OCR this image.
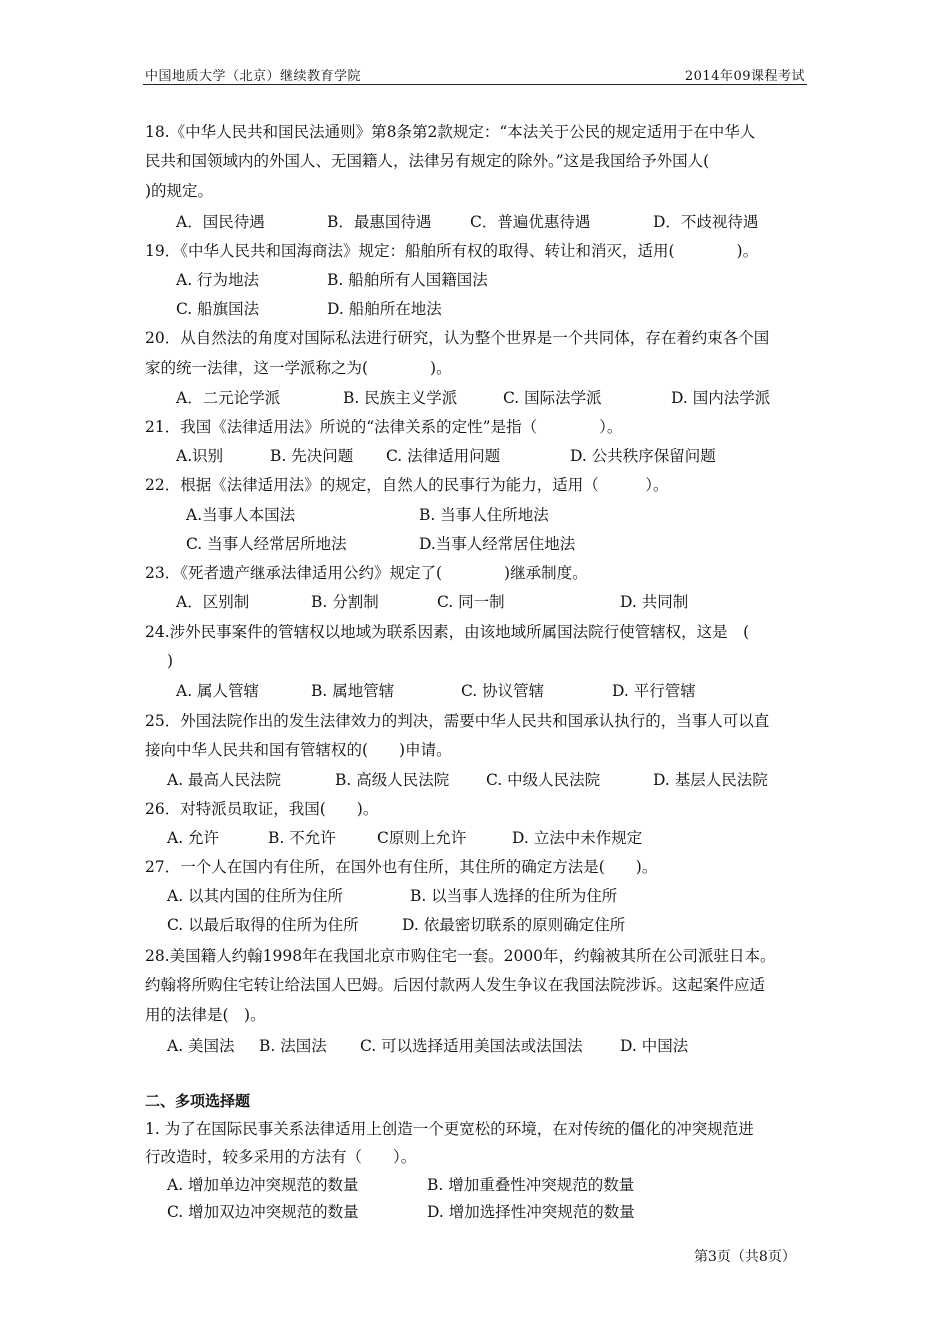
中国地质大学（北京）继续教育学院	2014年09课程考试
18.《中华人民共和国民法通则》第8条第2款规定：“本法关于公民的规定适用于在中华人
民共和国领域内的外国人、无国籍人，法律另有规定的除外。”这是我国给予外国人(
)的规定。
A．国民待遇	B．最惠国待遇 C．普遍优惠待遇	D．不歧视待遇
19．《中华人民共和国海商法》规定：船舶所有权的取得、转让和消灭，适用(　　　　)。
A. 行为地法	B. 船舶所有人国籍国法
C. 船旗国法	D. 船舶所在地法
20．从自然法的角度对国际私法进行研究，认为整个世界是一个共同体，存在着约束各个国
家的统一法律，这一学派称之为(　　　　)。
A．二元论学派	B. 民族主义学派	C. 国际法学派	D. 国内法学派
21．我国《法律适用法》所说的“法律关系的定性”是指（　　　　）。
A.识别	B. 先决问题 C. 法律适用问题	D. 公共秩序保留问题
22．根据《法律适用法》的规定，自然人的民事行为能力，适用（　　　）。
A.当事人本国法	B. 当事人住所地法
C. 当事人经常居所地法	D.当事人经常居住地法
23．《死者遗产继承法律适用公约》规定了(　　　　)继承制度。
A．区别制	B. 分割制	C. 同一制	D. 共同制
24.涉外民事案件的管辖权以地域为联系因素，由该地域所属国法院行使管辖权，这是　(
)
A. 属人管辖	B. 属地管辖	C. 协议管辖	D. 平行管辖
25．外国法院作出的发生法律效力的判决，需要中华人民共和国承认执行的，当事人可以直
接向中华人民共和国有管辖权的(　　)申请。
A. 最高人民法院	B. 高级人民法院 C. 中级人民法院	D. 基层人民法院
26．对特派员取证，我国(　　)。
A. 允许	B. 不允许	C原则上允许	D. 立法中未作规定
27．一个人在国内有住所，在国外也有住所，其住所的确定方法是(　　)。
A. 以其内国的住所为住所	B. 以当事人选择的住所为住所
C. 以最后取得的住所为住所	D. 依最密切联系的原则确定住所
28.美国籍人约翰1998年在我国北京市购住宅一套。2000年，约翰被其所在公司派驻日本。
约翰将所购住宅转让给法国人巴姆。后因付款两人发生争议在我国法院涉诉。这起案件应适
用的法律是(　)。
A. 美国法 B. 法国法 C. 可以选择适用美国法或法国法 D. 中国法
二、多项选择题
1. 为了在国际民事关系法律适用上创造一个更宽松的环境，在对传统的僵化的冲突规范进
行改造时，较多采用的方法有（　　）。
A. 增加单边冲突规范的数量	B. 增加重叠性冲突规范的数量
C. 增加双边冲突规范的数量	D. 增加选择性冲突规范的数量
第3页（共8页）
